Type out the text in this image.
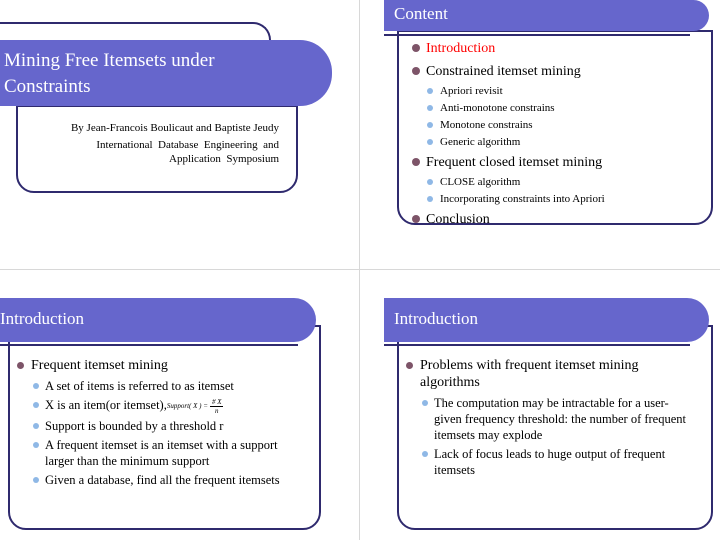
Mining Free Itemsets under Constraints
By Jean-Francois Boulicaut and Baptiste Jeudy
International  Database  Engineering  and
Application  Symposium
Content
Introduction
Constrained itemset mining
Apriori revisit
Anti-monotone constrains
Monotone constrains
Generic algorithm
Frequent closed itemset mining
CLOSE algorithm
Incorporating constraints into Apriori
Conclusion
Introduction
Frequent itemset mining
A set of items is referred to as itemset
X is an item(or itemset),Support( X ) = $\frac{\# X}{n}$
Support is bounded by a threshold r
A frequent itemset is an itemset with a support larger than the minimum support
Given a database, find all the frequent itemsets
Introduction
Problems with frequent itemset mining algorithms
The computation may be intractable for a user-given frequency threshold: the number of frequent itemsets may explode
Lack of focus leads to huge output of frequent itemsets
